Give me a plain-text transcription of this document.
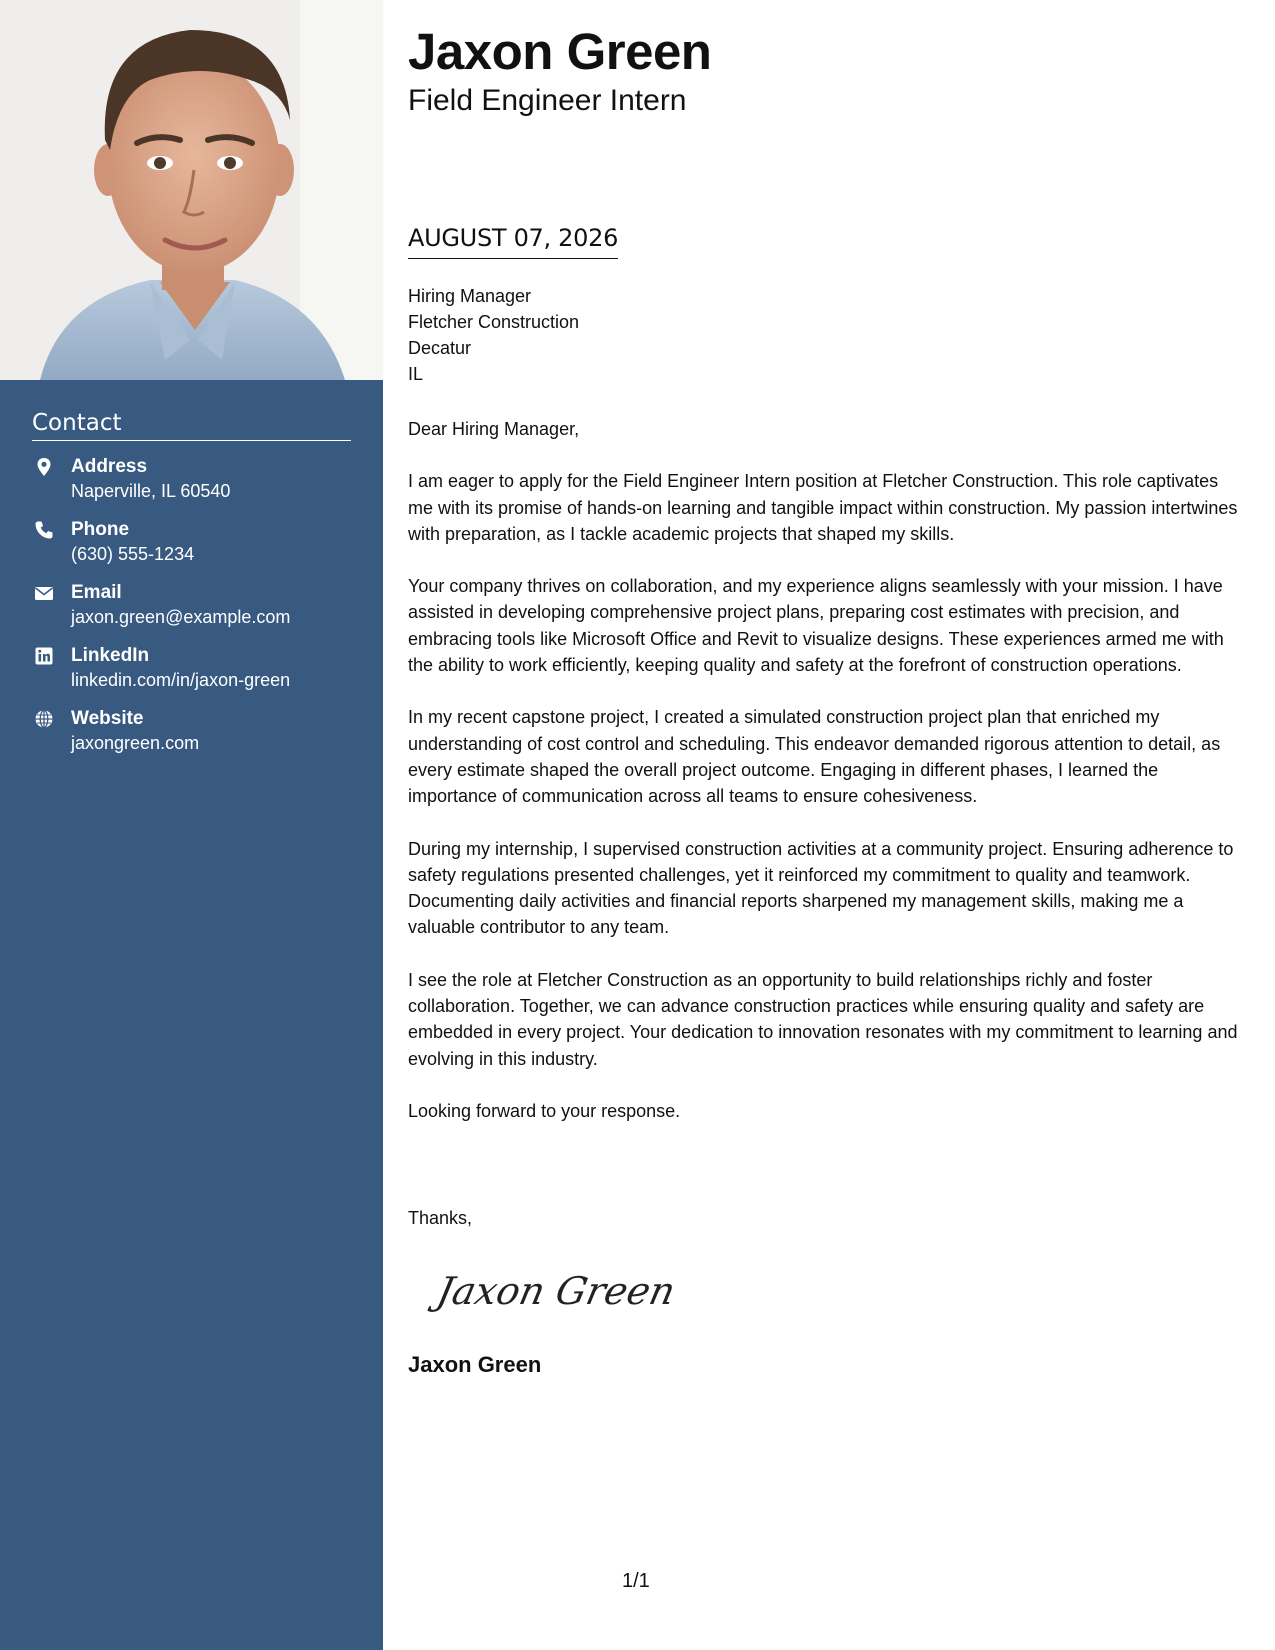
Contact
Address
Naperville, IL 60540
Phone
(630) 555-1234
Email
jaxon.green@example.com
LinkedIn
linkedin.com/in/jaxon-green
Website
jaxongreen.com
Jaxon Green
Field Engineer Intern
AUGUST 07, 2026
Hiring Manager
Fletcher Construction
Decatur
IL

Dear Hiring Manager,

I am eager to apply for the Field Engineer Intern position at Fletcher Construction. This role captivates me with its promise of hands-on learning and tangible impact within construction. My passion intertwines with preparation, as I tackle academic projects that shaped my skills.

Your company thrives on collaboration, and my experience aligns seamlessly with your mission. I have assisted in developing comprehensive project plans, preparing cost estimates with precision, and embracing tools like Microsoft Office and Revit to visualize designs. These experiences armed me with the ability to work efficiently, keeping quality and safety at the forefront of construction operations.

In my recent capstone project, I created a simulated construction project plan that enriched my understanding of cost control and scheduling. This endeavor demanded rigorous attention to detail, as every estimate shaped the overall project outcome. Engaging in different phases, I learned the importance of communication across all teams to ensure cohesiveness.

During my internship, I supervised construction activities at a community project. Ensuring adherence to safety regulations presented challenges, yet it reinforced my commitment to quality and teamwork. Documenting daily activities and financial reports sharpened my management skills, making me a valuable contributor to any team.

I see the role at Fletcher Construction as an opportunity to build relationships richly and foster collaboration. Together, we can advance construction practices while ensuring quality and safety are embedded in every project. Your dedication to innovation resonates with my commitment to learning and evolving in this industry.

Looking forward to your response.

Thanks,
Jaxon Green
Jaxon Green
1/1
